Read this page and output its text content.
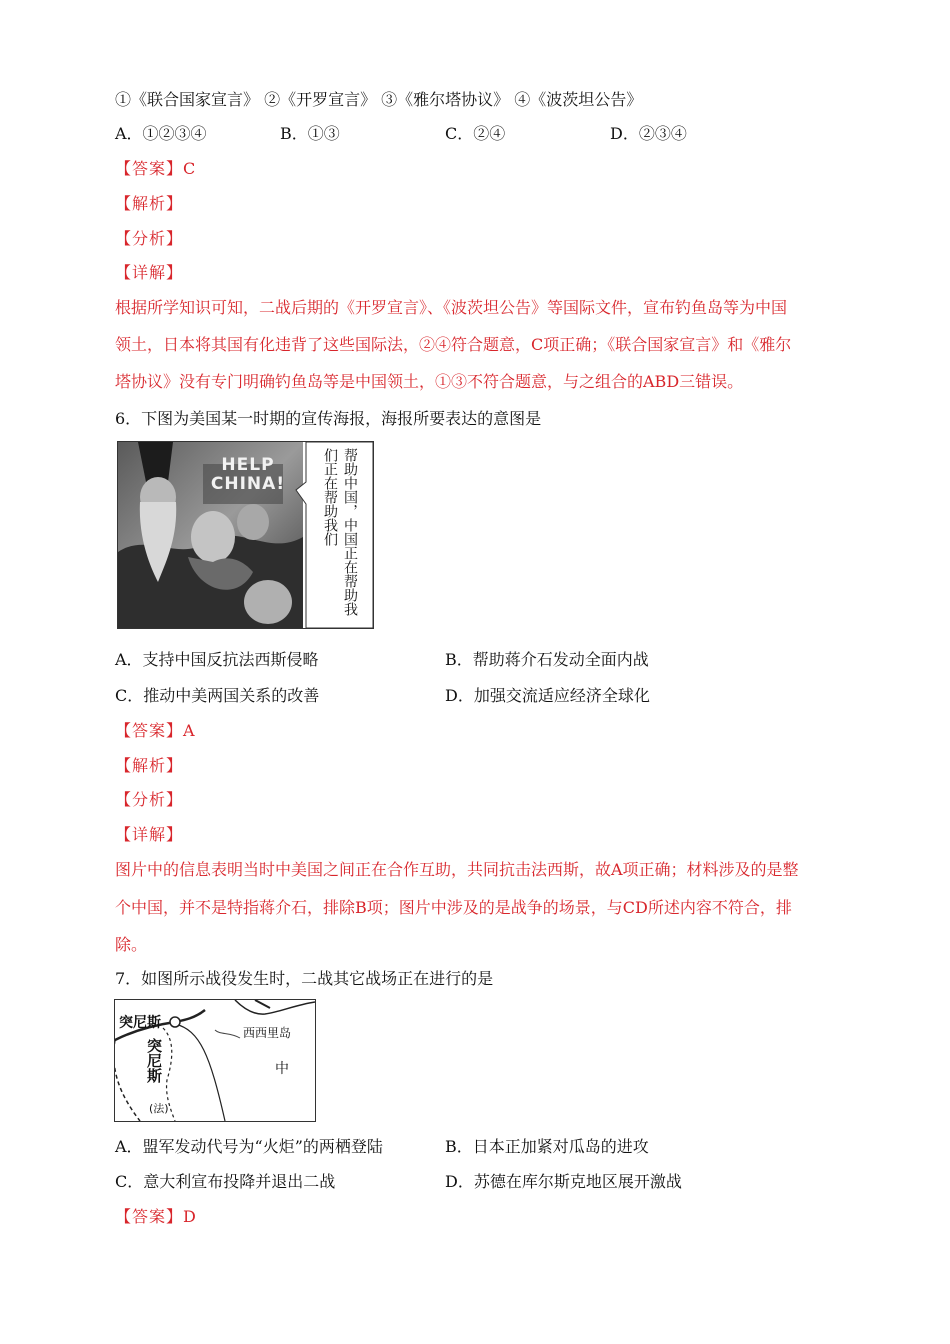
①《联合国家宣言》 ②《开罗宣言》 ③《雅尔塔协议》 ④《波茨坦公告》
A．①②③④	B．①③	C．②④	D．②③④
【答案】C
【解析】
【分析】
【详解】
根据所学知识可知，二战后期的《开罗宣言》、《波茨坦公告》等国际文件，宣布钓鱼岛等为中国
领土，日本将其国有化违背了这些国际法，②④符合题意，C项正确；《联合国家宣言》和《雅尔
塔协议》没有专门明确钓鱼岛等是中国领土，①③不符合题意，与之组合的ABD三错误。
6．下图为美国某一时期的宣传海报，海报所要表达的意图是
HELP CHINA!	帮助中国，中国正在帮助我
们正在帮助我们
A．支持中国反抗法西斯侵略	B．帮助蒋介石发动全面内战
C．推动中美两国关系的改善	D．加强交流适应经济全球化
【答案】A
【解析】
【分析】
【详解】
图片中的信息表明当时中美国之间正在合作互助，共同抗击法西斯，故A项正确；材料涉及的是整
个中国，并不是特指蒋介石，排除B项；图片中涉及的是战争的场景，与CD所述内容不符合，排
除。
7．如图所示战役发生时，二战其它战场正在进行的是
突尼斯
西西里岛
突尼斯
(法)
中
A．盟军发动代号为“火炬”的两栖登陆	B．日本正加紧对瓜岛的进攻
C．意大利宣布投降并退出二战	D．苏德在库尔斯克地区展开激战
【答案】D
